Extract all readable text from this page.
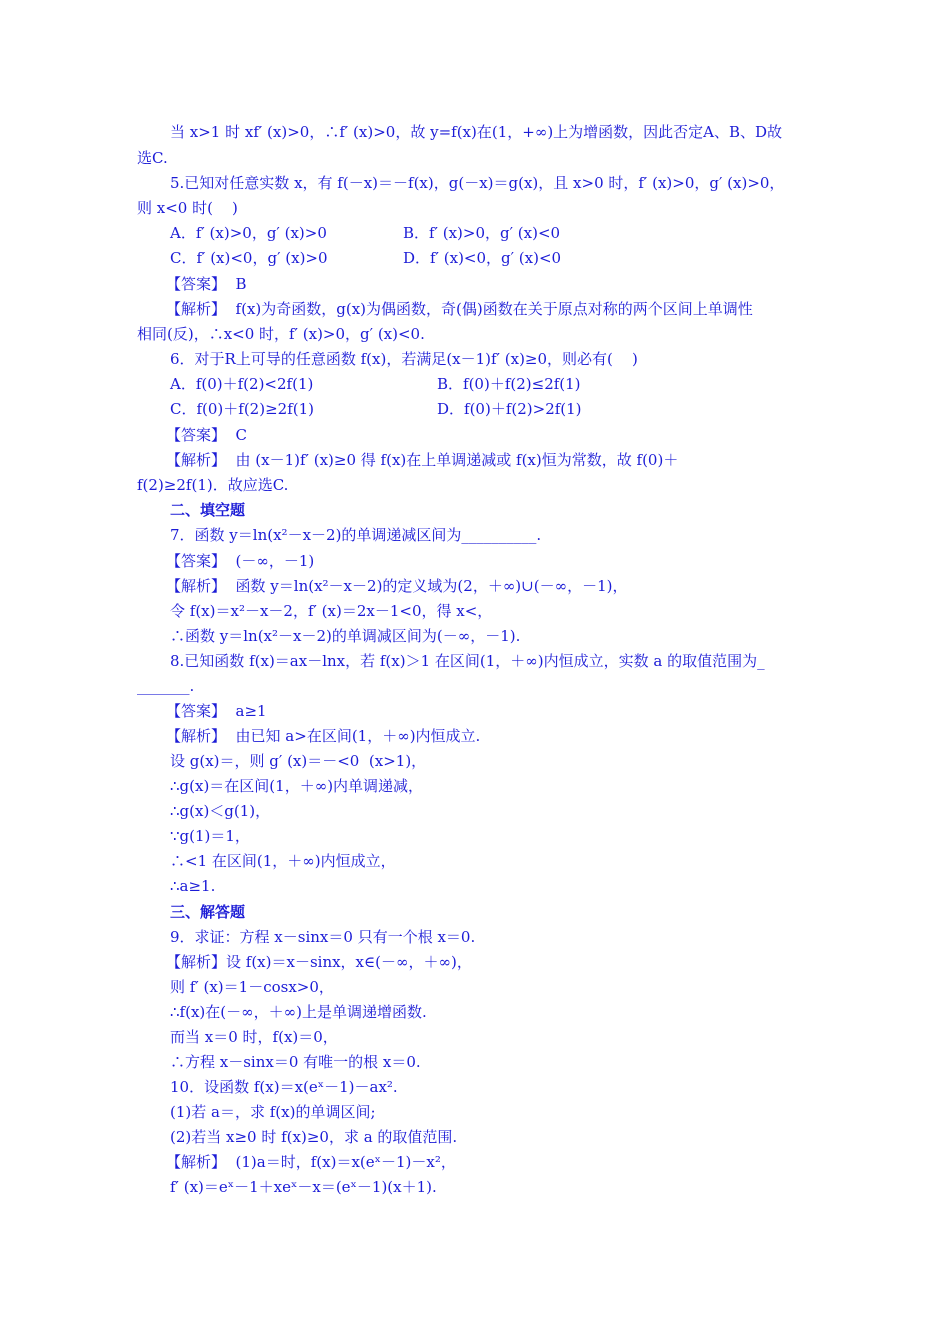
当 x>1 时 xf′ (x)>0，∴f′ (x)>0，故 y=f(x)在(1，+∞)上为增函数，因此否定A、B、D故
选C.
5.已知对任意实数 x，有 f(－x)＝－f(x)，g(－x)＝g(x)，且 x>0 时，f′ (x)>0，g′ (x)>0，
则 x<0 时(    )
A．f′ (x)>0，g′ (x)>0	B．f′ (x)>0，g′ (x)<0
C．f′ (x)<0，g′ (x)>0	D．f′ (x)<0，g′ (x)<0
【答案】  B
【解析】  f(x)为奇函数，g(x)为偶函数，奇(偶)函数在关于原点对称的两个区间上单调性
相同(反)，∴x<0 时，f′ (x)>0，g′ (x)<0.
6．对于R上可导的任意函数 f(x)，若满足(x－1)f′ (x)≥0，则必有(    )
A．f(0)＋f(2)<2f(1)	B．f(0)＋f(2)≤2f(1)
C．f(0)＋f(2)≥2f(1)	D．f(0)＋f(2)>2f(1)
【答案】  C
【解析】  由 (x－1)f′ (x)≥0 得 f(x)在上单调递减或 f(x)恒为常数，故 f(0)＋
f(2)≥2f(1)．故应选C.
二、填空题
7．函数 y＝ln(x²－x－2)的单调递减区间为__________.
【答案】  (－∞，－1)
【解析】  函数 y＝ln(x²－x－2)的定义域为(2，＋∞)∪(－∞，－1)，
令 f(x)＝x²－x－2，f′ (x)＝2x－1<0，得 x<，
∴函数 y＝ln(x²－x－2)的单调减区间为(－∞，－1).
8.已知函数 f(x)＝ax－lnx，若 f(x)＞1 在区间(1，＋∞)内恒成立，实数 a 的取值范围为_
_______.
【答案】  a≥1
【解析】  由已知 a>在区间(1，＋∞)内恒成立.
设 g(x)＝，则 g′ (x)＝－<0  (x>1)，
∴g(x)＝在区间(1，＋∞)内单调递减，
∴g(x)＜g(1)，
∵g(1)＝1，
∴<1 在区间(1，＋∞)内恒成立，
∴a≥1.
三、解答题
9．求证：方程 x－sinx＝0 只有一个根 x＝0.
【解析】设 f(x)＝x－sinx，x∈(－∞，＋∞)，
则 f′ (x)＝1－cosx>0，
∴f(x)在(－∞，＋∞)上是单调递增函数.
而当 x＝0 时，f(x)＝0，
∴方程 x－sinx＝0 有唯一的根 x＝0.
10．设函数 f(x)＝x(eˣ－1)－ax².
(1)若 a＝，求 f(x)的单调区间;
(2)若当 x≥0 时 f(x)≥0，求 a 的取值范围.
【解析】  (1)a＝时，f(x)＝x(eˣ－1)－x²，
f′ (x)＝eˣ－1＋xeˣ－x＝(eˣ－1)(x＋1).
